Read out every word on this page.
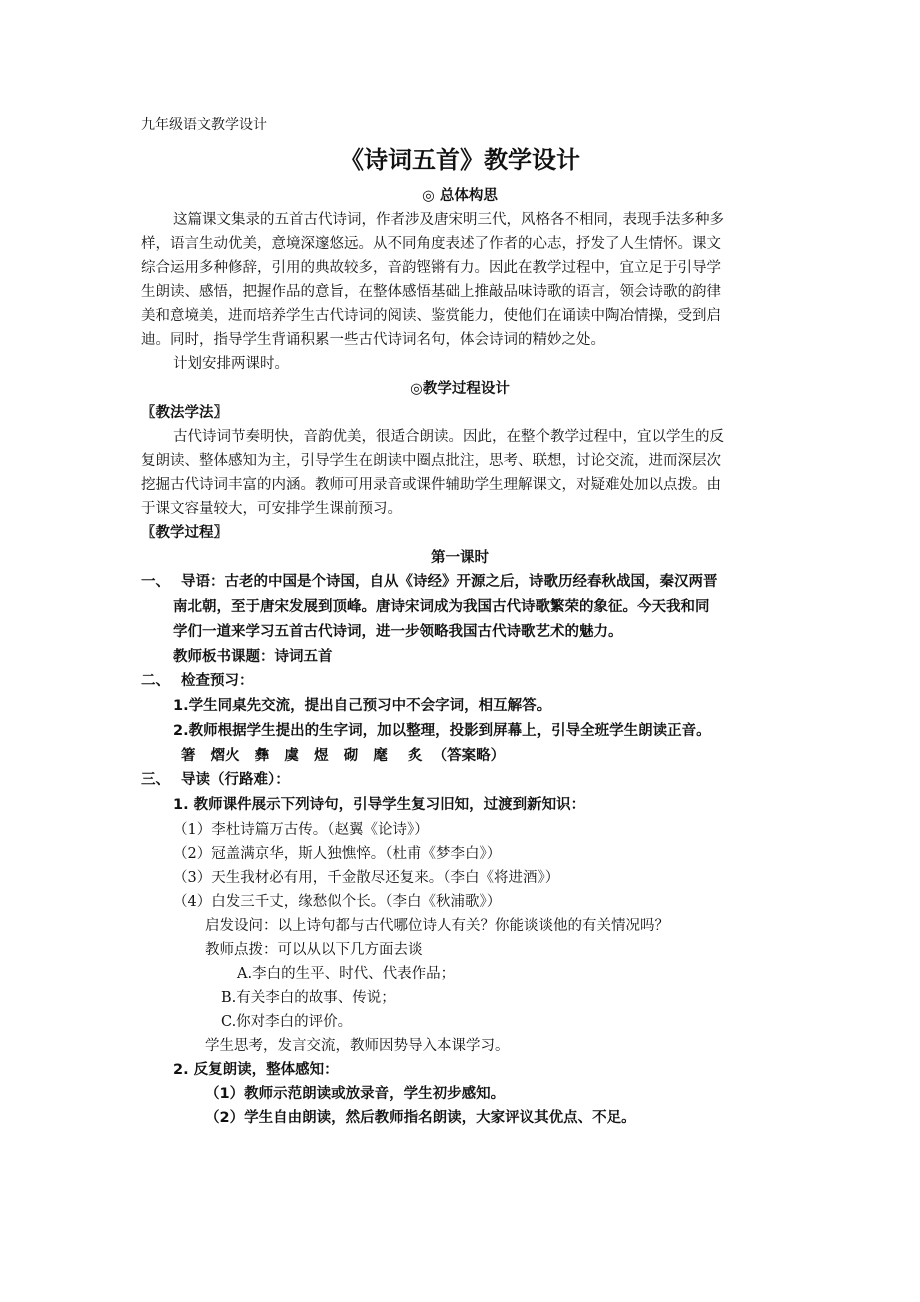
九年级语文教学设计
《诗词五首》教学设计
◎ 总体构思
这篇课文集录的五首古代诗词，作者涉及唐宋明三代，风格各不相同，表现手法多种多
样，语言生动优美，意境深邃悠远。从不同角度表述了作者的心志，抒发了人生情怀。课文
综合运用多种修辞，引用的典故较多，音韵铿锵有力。因此在教学过程中，宜立足于引导学
生朗读、感悟，把握作品的意旨，在整体感悟基础上推敲品味诗歌的语言，领会诗歌的韵律
美和意境美，进而培养学生古代诗词的阅读、鉴赏能力，使他们在诵读中陶冶情操，受到启
迪。同时，指导学生背诵积累一些古代诗词名句，体会诗词的精妙之处。
计划安排两课时。
◎教学过程设计
〖教法学法〗
古代诗词节奏明快，音韵优美，很适合朗读。因此，在整个教学过程中，宜以学生的反
复朗读、整体感知为主，引导学生在朗读中圈点批注，思考、联想，讨论交流，进而深层次
挖掘古代诗词丰富的内涵。教师可用录音或课件辅助学生理解课文，对疑难处加以点拨。由
于课文容量较大，可安排学生课前预习。
〖教学过程〗
第一课时
一、 导语：古老的中国是个诗国，自从《诗经》开源之后，诗歌历经春秋战国，秦汉两晋
南北朝，至于唐宋发展到顶峰。唐诗宋词成为我国古代诗歌繁荣的象征。今天我和同
学们一道来学习五首古代诗词，进一步领略我国古代诗歌艺术的魅力。
教师板书课题：诗词五首
二、 检查预习：
1.学生同桌先交流，提出自己预习中不会字词，相互解答。
2.教师根据学生提出的生字词，加以整理，投影到屏幕上，引导全班学生朗读正音。
箸   熠火   彝   虞   煜   砌   麾    炙  （答案略）
三、 导读（行路难）：
1. 教师课件展示下列诗句，引导学生复习旧知，过渡到新知识：
（1）李杜诗篇万古传。（赵翼《论诗》）
（2）冠盖满京华，斯人独憔悴。（杜甫《梦李白》）
（3）天生我材必有用，千金散尽还复来。（李白《将进酒》）
（4）白发三千丈，缘愁似个长。（李白《秋浦歌》）
启发设问：以上诗句都与古代哪位诗人有关？你能谈谈他的有关情况吗？
教师点拨：可以从以下几方面去谈
A.李白的生平、时代、代表作品；
B.有关李白的故事、传说；
C.你对李白的评价。
学生思考，发言交流，教师因势导入本课学习。
2. 反复朗读，整体感知：
（1）教师示范朗读或放录音，学生初步感知。
（2）学生自由朗读，然后教师指名朗读，大家评议其优点、不足。
